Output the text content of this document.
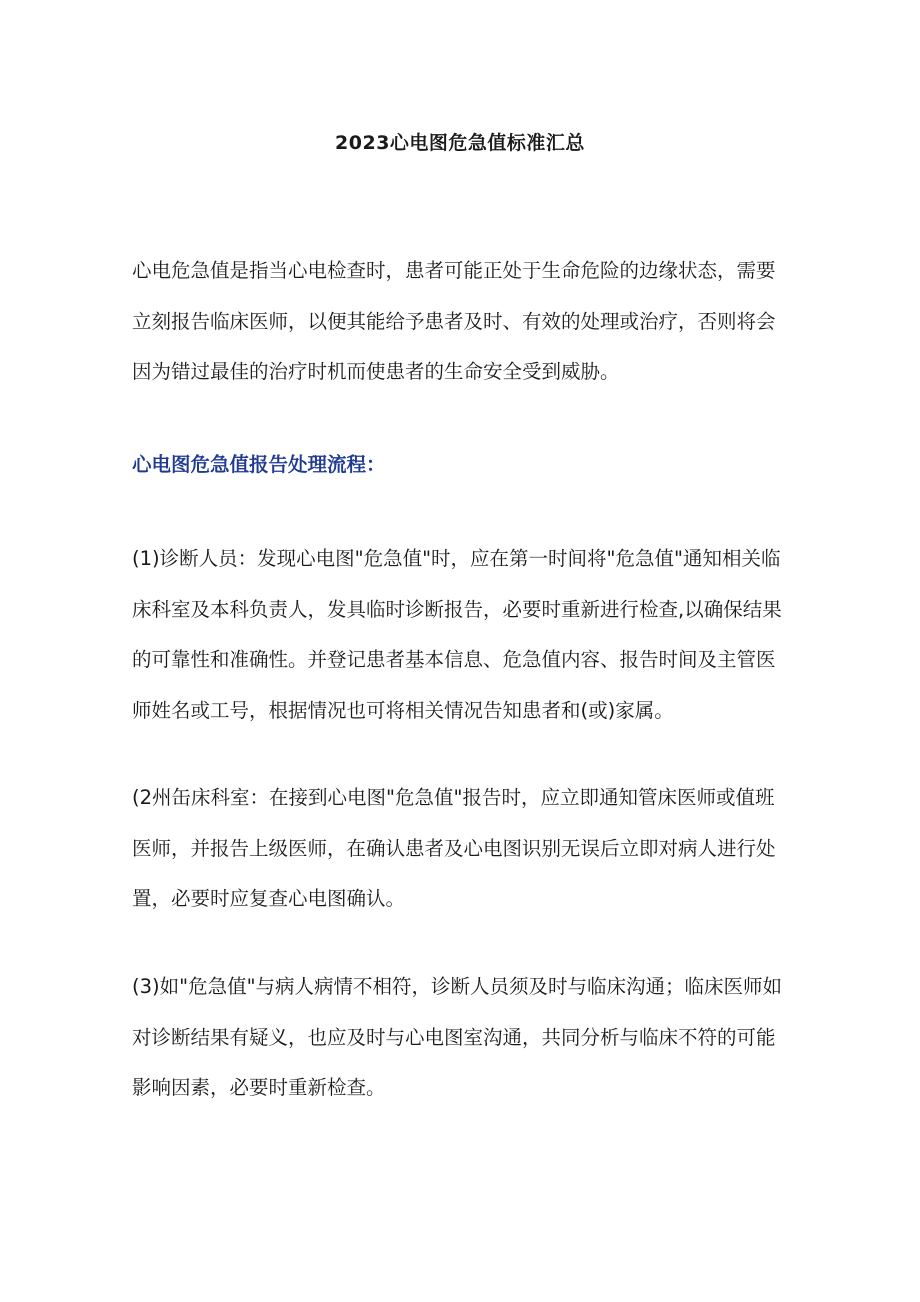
2023心电图危急值标准汇总

心电危急值是指当心电检查时，患者可能正处于生命危险的边缘状态，需要
立刻报告临床医师，以便其能给予患者及时、有效的处理或治疗，否则将会
因为错过最佳的治疗时机而使患者的生命安全受到威胁。

心电图危急值报告处理流程：

(1)诊断人员：发现心电图"危急值"时，应在第一时间将"危急值"通知相关临
床科室及本科负责人，发具临时诊断报告，必要时重新进行检查,以确保结果
的可靠性和准确性。并登记患者基本信息、危急值内容、报告时间及主管医
师姓名或工号，根据情况也可将相关情况告知患者和(或)家属。

(2州缶床科室：在接到心电图"危急值"报告时，应立即通知管床医师或值班
医师，并报告上级医师，在确认患者及心电图识别无误后立即对病人进行处
置，必要时应复查心电图确认。

(3)如"危急值"与病人病情不相符，诊断人员须及时与临床沟通；临床医师如
对诊断结果有疑义，也应及时与心电图室沟通，共同分析与临床不符的可能
影响因素，必要时重新检查。
